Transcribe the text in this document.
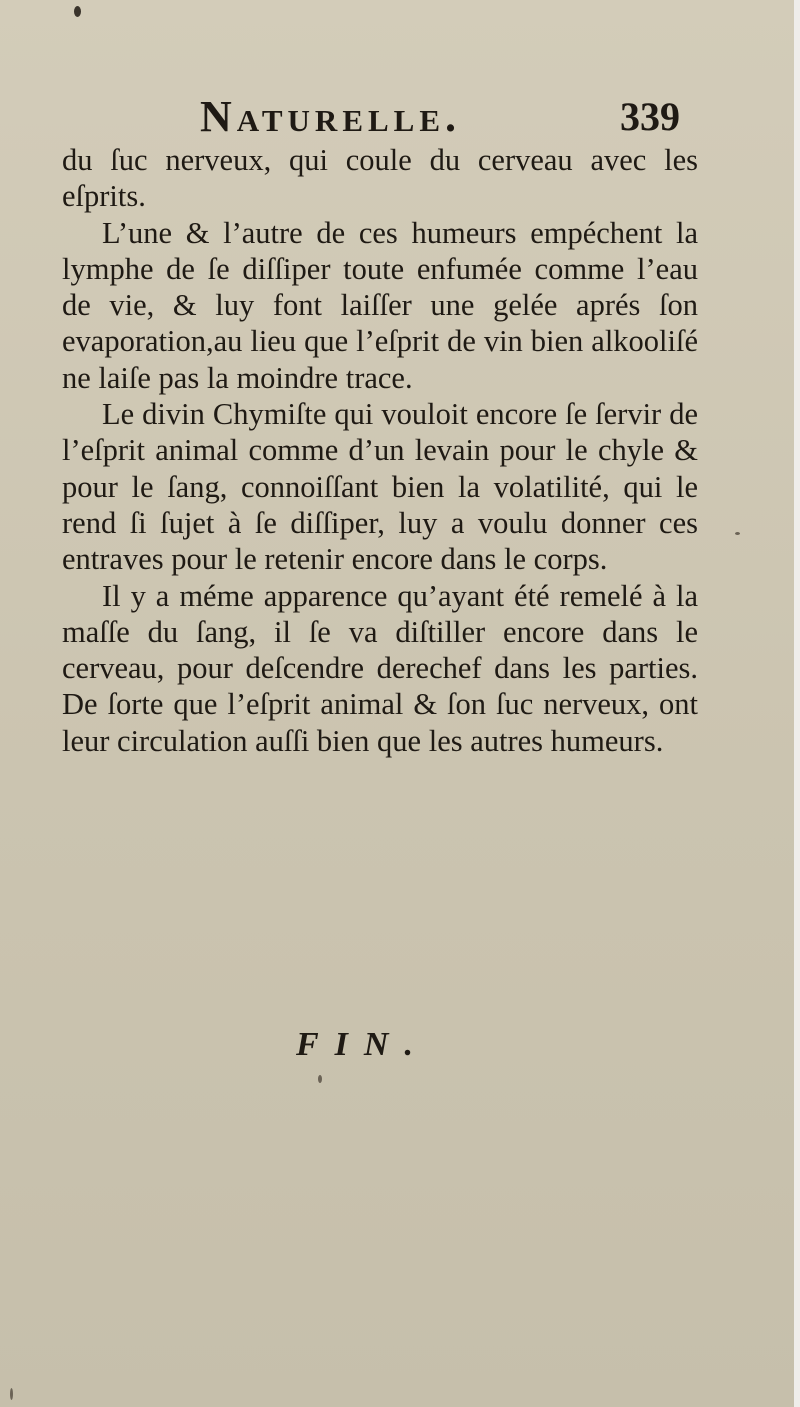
Naturelle.	339

du ſuc nerveux, qui coule du cerveau avec les eſprits.

L’une & l’autre de ces humeurs empéchent la lymphe de ſe diſſiper toute enfumée comme l’eau de vie, & luy font laiſſer une gelée aprés ſon evaporation,au lieu que l’eſprit de vin bien alkooliſé ne laiſe pas la moindre trace.

Le divin Chymiſte qui vouloit encore ſe ſervir de l’eſprit animal comme d’un levain pour le chyle & pour le ſang, connoiſſant bien la volatilité, qui le rend ſi ſujet à ſe diſſiper, luy a voulu donner ces entraves pour le retenir encore dans le corps.

Il y a méme apparence qu’ayant été remelé à la maſſe du ſang, il ſe va diſtiller encore dans le cerveau, pour deſcendre derechef dans les parties. De ſorte que l’eſprit animal & ſon ſuc nerveux, ont leur circulation auſſi bien que les autres humeurs.

FIN.
